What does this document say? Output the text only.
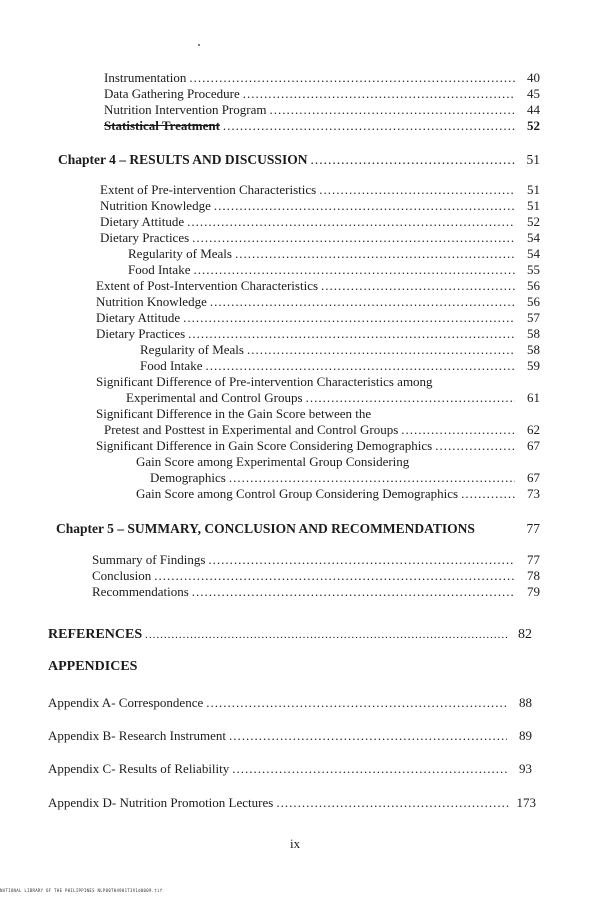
Instrumentation .....	40
Data Gathering Procedure .....	45
Nutrition Intervention Program .....	44
Statistical Treatment .....	52
Chapter 4 – RESULTS AND DISCUSSION .....	51
Extent of Pre-intervention Characteristics .....	51
Nutrition Knowledge .....	51
Dietary Attitude .....	52
Dietary Practices .....	54
Regularity of Meals .....	54
Food Intake .....	55
Extent of Post-Intervention Characteristics .....	56
Nutrition Knowledge .....	56
Dietary Attitude .....	57
Dietary Practices .....	58
Regularity of Meals .....	58
Food Intake .....	59
Significant Difference of Pre-intervention Characteristics among
Experimental and Control Groups .....	61
Significant Difference in the Gain Score between the
Pretest and Posttest in Experimental and Control Groups .....	62
Significant Difference in Gain Score Considering Demographics .....	67
Gain Score among Experimental Group Considering
Demographics .....	67
Gain Score among Control Group Considering Demographics .....	73
Chapter 5 – SUMMARY, CONCLUSION AND RECOMMENDATIONS	77
Summary of Findings .....	77
Conclusion .....	78
Recommendations .....	79
REFERENCES .....	82
APPENDICES
Appendix A- Correspondence .....	88
Appendix B- Research Instrument .....	89
Appendix C- Results of Reliability .....	93
Appendix D- Nutrition Promotion Lectures .....	173
ix
NATIONAL LIBRARY OF THE PHILIPPINES NLP00TH4901T3V1d0009.tif
